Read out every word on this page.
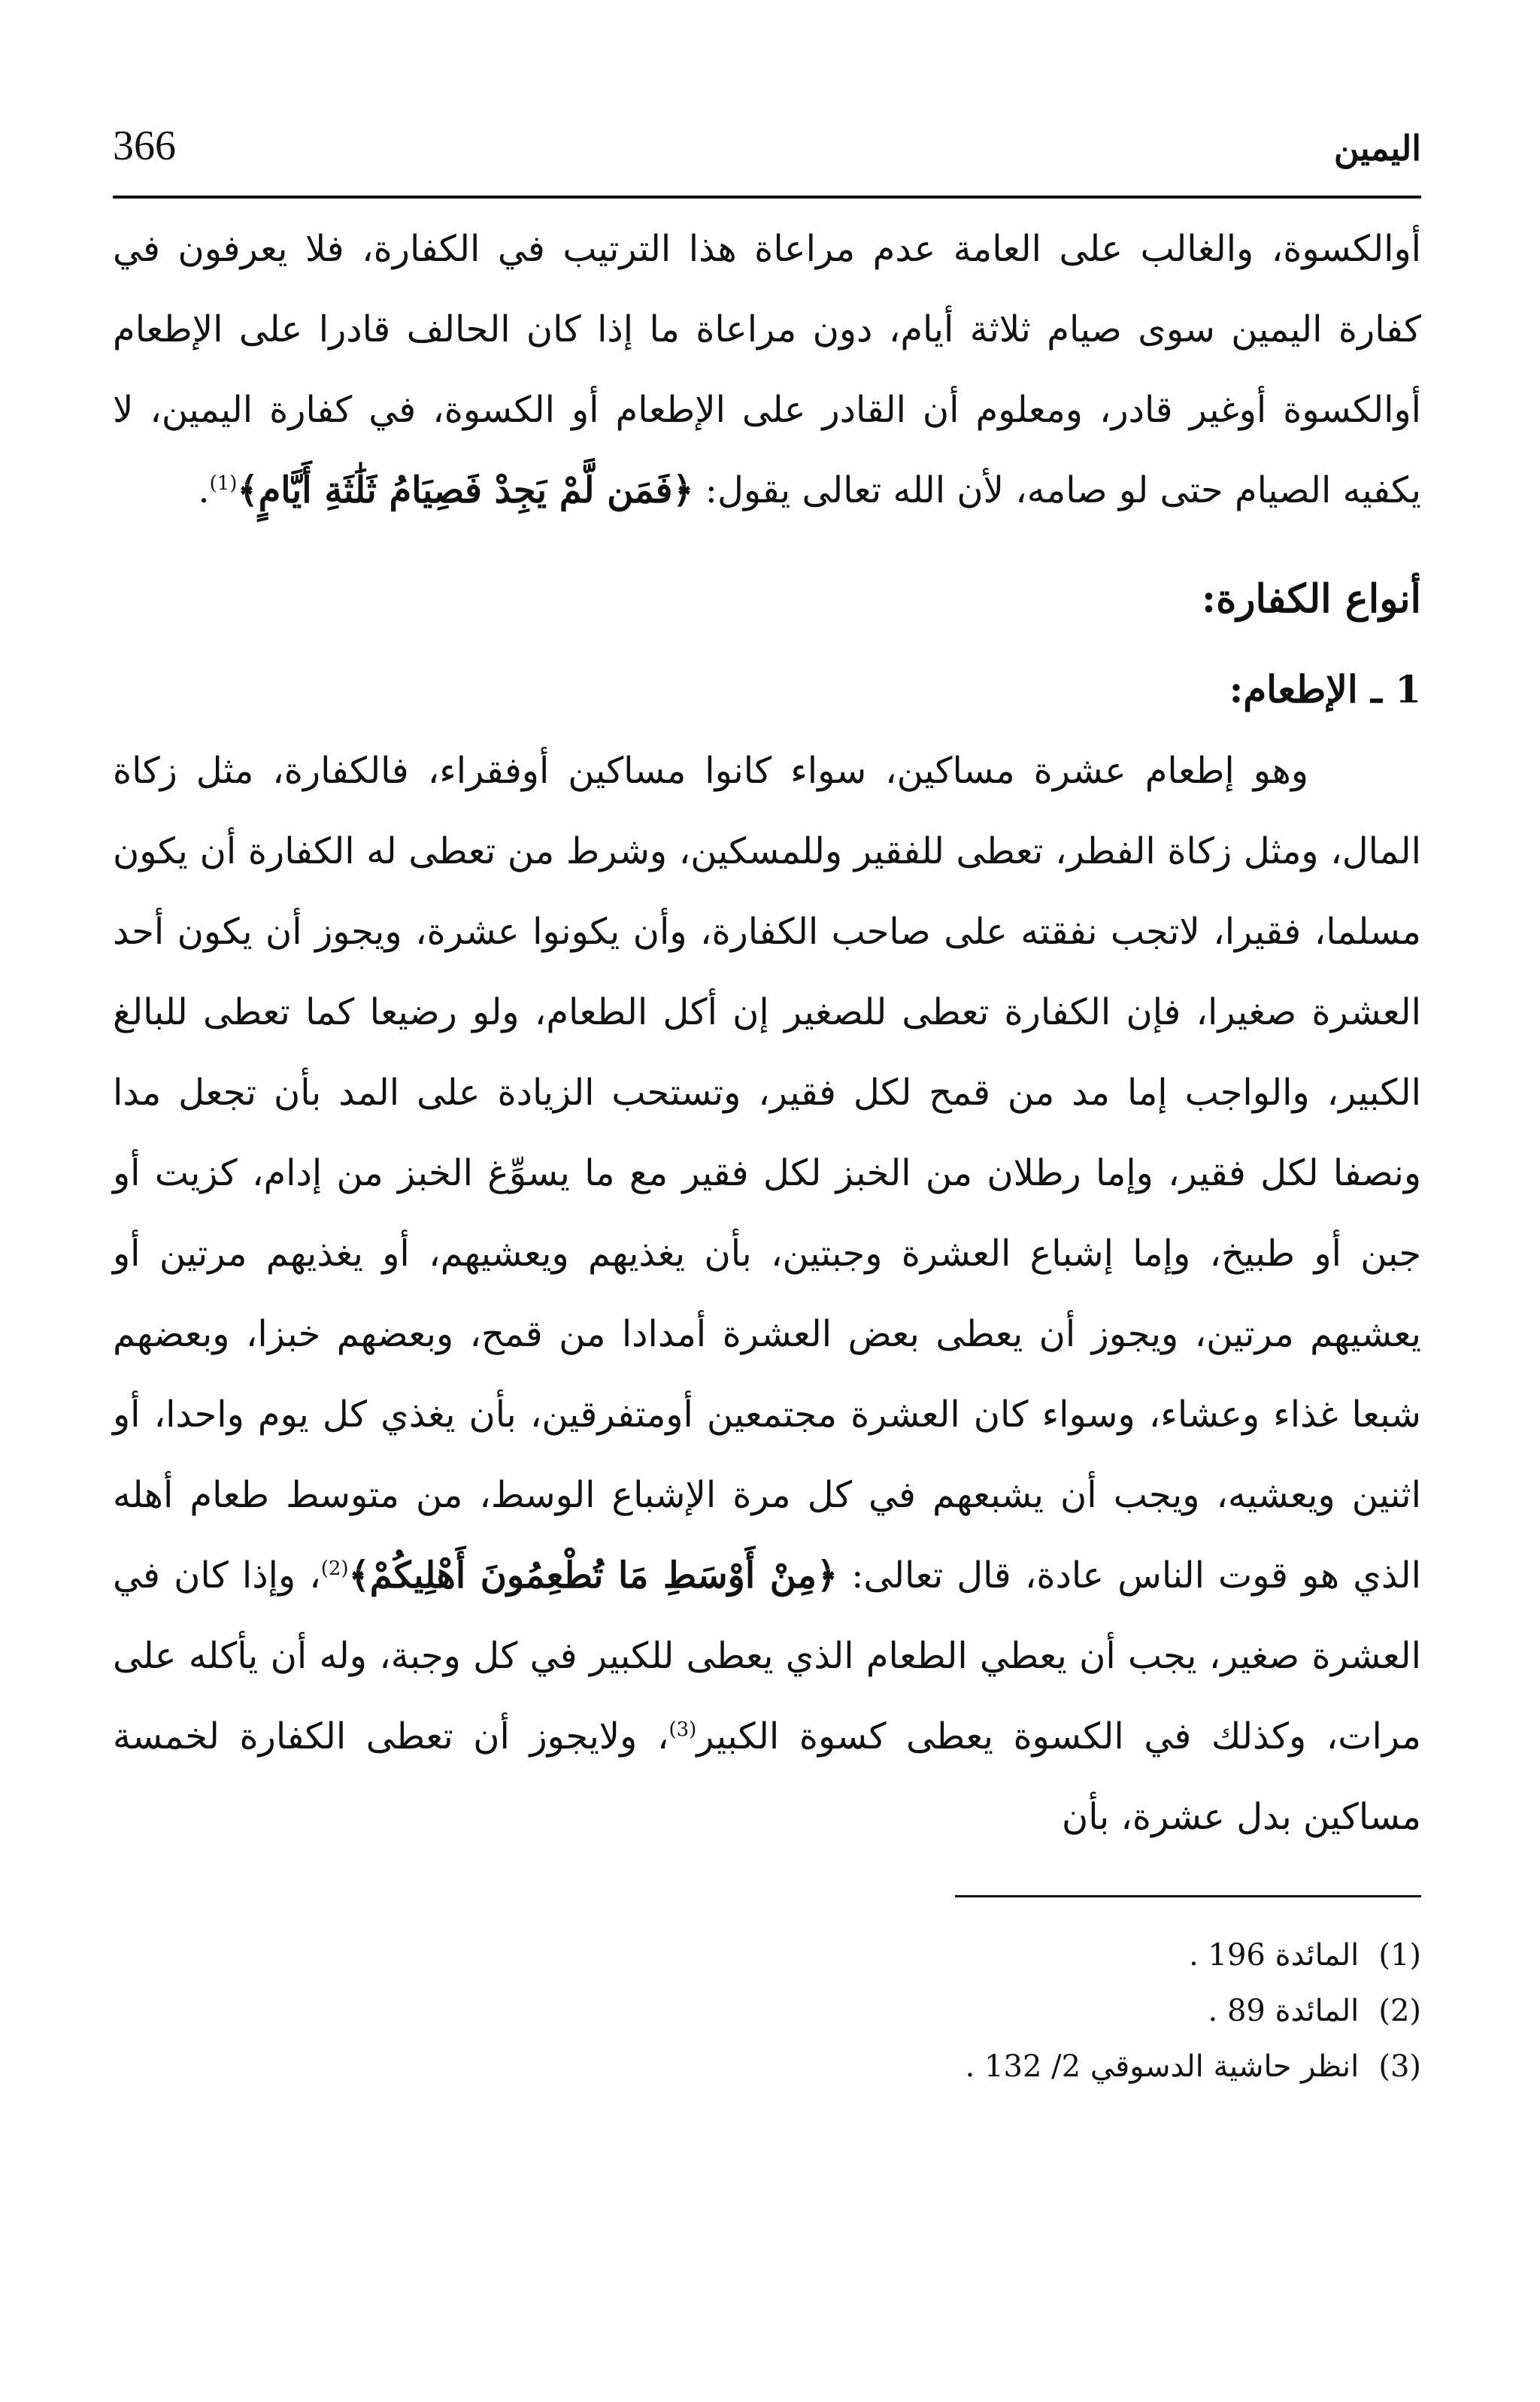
اليمين
366

أوالكسوة، والغالب على العامة عدم مراعاة هذا الترتيب في الكفارة، فلا يعرفون في كفارة اليمين سوى صيام ثلاثة أيام، دون مراعاة ما إذا كان الحالف قادرا على الإطعام أوالكسوة أوغير قادر، ومعلوم أن القادر على الإطعام أو الكسوة، في كفارة اليمين، لا يكفيه الصيام حتى لو صامه، لأن الله تعالى يقول: ﴿فَمَن لَّمْ يَجِدْ فَصِيَامُ ثَلَٰثَةِ أَيَّامٍ﴾$^{(1)}$.

أنواع الكفارة:
1 ـ الإطعام:

وهو إطعام عشرة مساكين، سواء كانوا مساكين أوفقراء، فالكفارة، مثل زكاة المال، ومثل زكاة الفطر، تعطى للفقير وللمسكين، وشرط من تعطى له الكفارة أن يكون مسلما، فقيرا، لاتجب نفقته على صاحب الكفارة، وأن يكونوا عشرة، ويجوز أن يكون أحد العشرة صغيرا، فإن الكفارة تعطى للصغير إن أكل الطعام، ولو رضيعا كما تعطى للبالغ الكبير، والواجب إما مد من قمح لكل فقير، وتستحب الزيادة على المد بأن تجعل مدا ونصفا لكل فقير، وإما رطلان من الخبز لكل فقير مع ما يسوِّغ الخبز من إدام، كزيت أو جبن أو طبيخ، وإما إشباع العشرة وجبتين، بأن يغذيهم ويعشيهم، أو يغذيهم مرتين أو يعشيهم مرتين، ويجوز أن يعطى بعض العشرة أمدادا من قمح، وبعضهم خبزا، وبعضهم شبعا غذاء وعشاء، وسواء كان العشرة مجتمعين أومتفرقين، بأن يغذي كل يوم واحدا، أو اثنين ويعشيه، ويجب أن يشبعهم في كل مرة الإشباع الوسط، من متوسط طعام أهله الذي هو قوت الناس عادة، قال تعالى: ﴿مِنْ أَوْسَطِ مَا تُطْعِمُونَ أَهْلِيكُمْ﴾$^{(2)}$، وإذا كان في العشرة صغير، يجب أن يعطي الطعام الذي يعطى للكبير في كل وجبة، وله أن يأكله على مرات، وكذلك في الكسوة يعطى كسوة الكبير$^{(3)}$، ولايجوز أن تعطى الكفارة لخمسة مساكين بدل عشرة، بأن

(1) المائدة 196 .
(2) المائدة 89 .
(3) انظر حاشية الدسوقي 2/ 132 .
